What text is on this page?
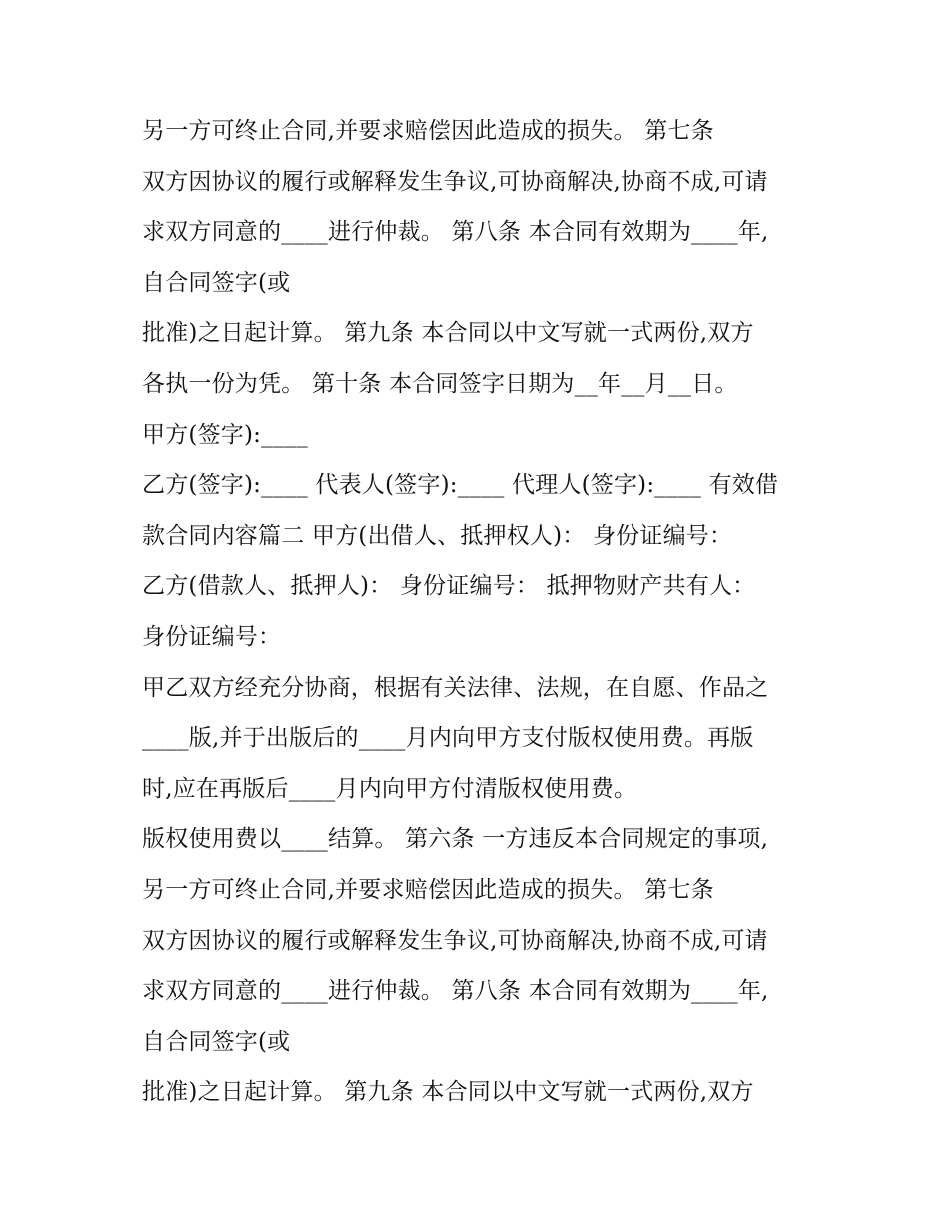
另一方可终止合同,并要求赔偿因此造成的损失。 第七条
双方因协议的履行或解释发生争议,可协商解决,协商不成,可请
求双方同意的____进行仲裁。 第八条 本合同有效期为____年,
自合同签字(或
批准)之日起计算。 第九条 本合同以中文写就一式两份,双方
各执一份为凭。 第十条 本合同签字日期为__年__月__日。
甲方(签字):____
乙方(签字):____ 代表人(签字):____ 代理人(签字):____ 有效借
款合同内容篇二 甲方(出借人、抵押权人)： 身份证编号：
乙方(借款人、抵押人)： 身份证编号： 抵押物财产共有人：
身份证编号：
甲乙双方经充分协商，根据有关法律、法规，在自愿、作品之
____版,并于出版后的____月内向甲方支付版权使用费。再版
时,应在再版后____月内向甲方付清版权使用费。
版权使用费以____结算。 第六条 一方违反本合同规定的事项,
另一方可终止合同,并要求赔偿因此造成的损失。 第七条
双方因协议的履行或解释发生争议,可协商解决,协商不成,可请
求双方同意的____进行仲裁。 第八条 本合同有效期为____年,
自合同签字(或
批准)之日起计算。 第九条 本合同以中文写就一式两份,双方
